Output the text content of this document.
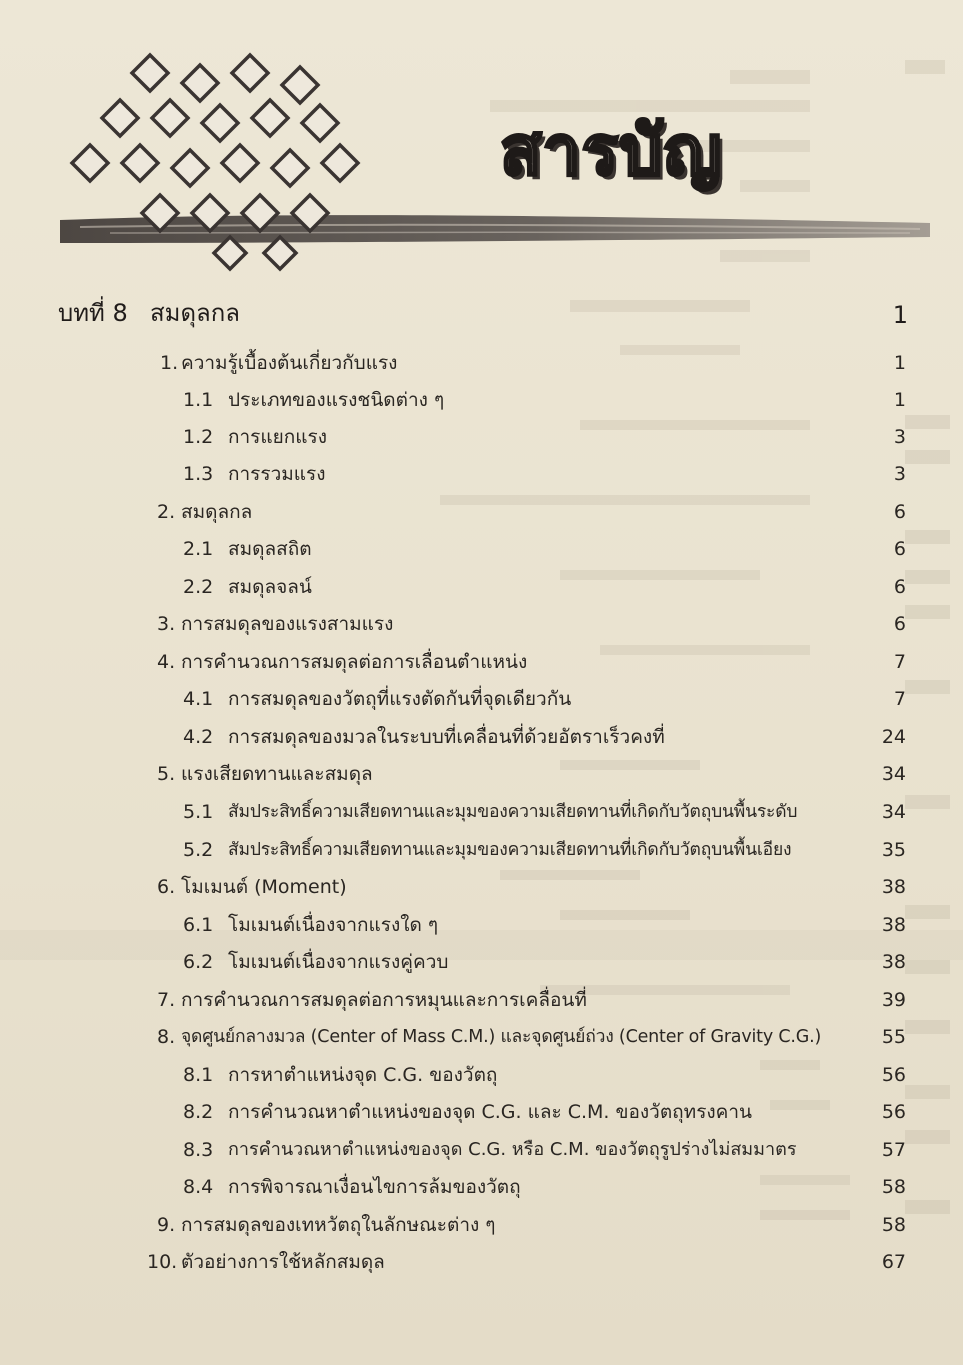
สารบัญ
บทที่ 8 สมดุลกล	1
1. ความรู้เบื้องต้นเกี่ยวกับแรง	1
1.1 ประเภทของแรงชนิดต่าง ๆ	1
1.2 การแยกแรง	3
1.3 การรวมแรง	3
2. สมดุลกล	6
2.1 สมดุลสถิต	6
2.2 สมดุลจลน์	6
3. การสมดุลของแรงสามแรง	6
4. การคำนวณการสมดุลต่อการเลื่อนตำแหน่ง	7
4.1 การสมดุลของวัตถุที่แรงตัดกันที่จุดเดียวกัน	7
4.2 การสมดุลของมวลในระบบที่เคลื่อนที่ด้วยอัตราเร็วคงที่	24
5. แรงเสียดทานและสมดุล	34
5.1 สัมประสิทธิ์ความเสียดทานและมุมของความเสียดทานที่เกิดกับวัตถุบนพื้นระดับ	34
5.2 สัมประสิทธิ์ความเสียดทานและมุมของความเสียดทานที่เกิดกับวัตถุบนพื้นเอียง	35
6. โมเมนต์ (Moment)	38
6.1 โมเมนต์เนื่องจากแรงใด ๆ	38
6.2 โมเมนต์เนื่องจากแรงคู่ควบ	38
7. การคำนวณการสมดุลต่อการหมุนและการเคลื่อนที่	39
8. จุดศูนย์กลางมวล (Center of Mass C.M.) และจุดศูนย์ถ่วง (Center of Gravity C.G.)	55
8.1 การหาตำแหน่งจุด C.G. ของวัตถุ	56
8.2 การคำนวณหาตำแหน่งของจุด C.G. และ C.M. ของวัตถุทรงคาน	56
8.3 การคำนวณหาตำแหน่งของจุด C.G. หรือ C.M. ของวัตถุรูปร่างไม่สมมาตร	57
8.4 การพิจารณาเงื่อนไขการล้มของวัตถุ	58
9. การสมดุลของเทหวัตถุในลักษณะต่าง ๆ	58
10. ตัวอย่างการใช้หลักสมดุล	67
